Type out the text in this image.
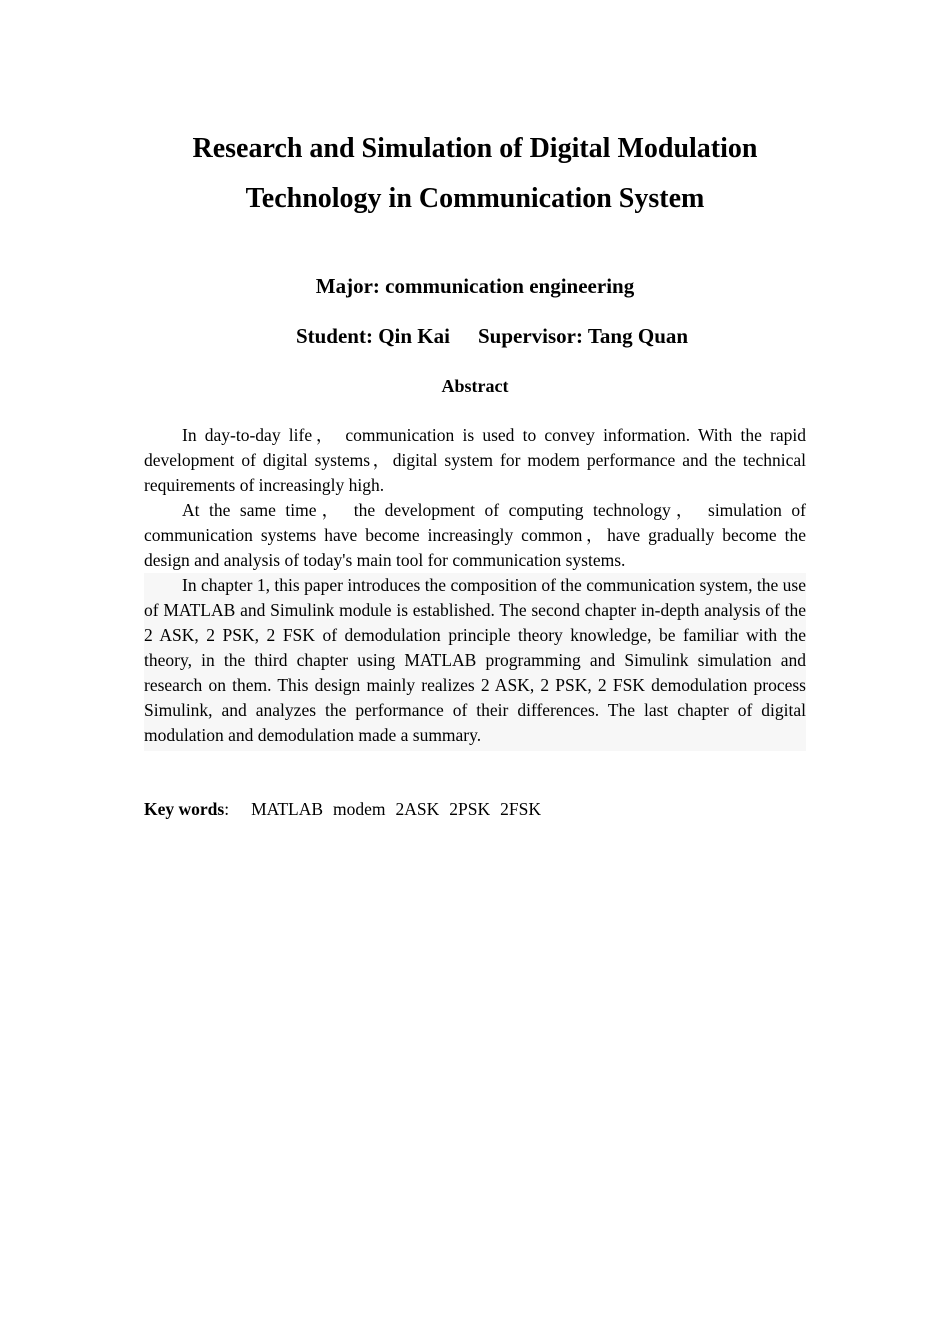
Research and Simulation of Digital Modulation
Technology in Communication System
Major: communication engineering
Student: Qin Kai Supervisor: Tang Quan
Abstract

In day-to-day life， communication is used to convey information. With the rapid development of digital systems，digital system for modem performance and the technical requirements of increasingly high.

At the same time， the development of computing technology， simulation of communication systems have become increasingly common，have gradually become the design and analysis of today's main tool for communication systems.

In chapter 1, this paper introduces the composition of the communication system, the use of MATLAB and Simulink module is established. The second chapter in-depth analysis of the 2 ASK, 2 PSK, 2 FSK of demodulation principle theory knowledge, be familiar with the theory, in the third chapter using MATLAB programming and Simulink simulation and research on them. This design mainly realizes 2 ASK, 2 PSK, 2 FSK demodulation process Simulink, and analyzes the performance of their differences. The last chapter of digital modulation and demodulation made a summary.

Key words: MATLAB modem 2ASK 2PSK 2FSK
